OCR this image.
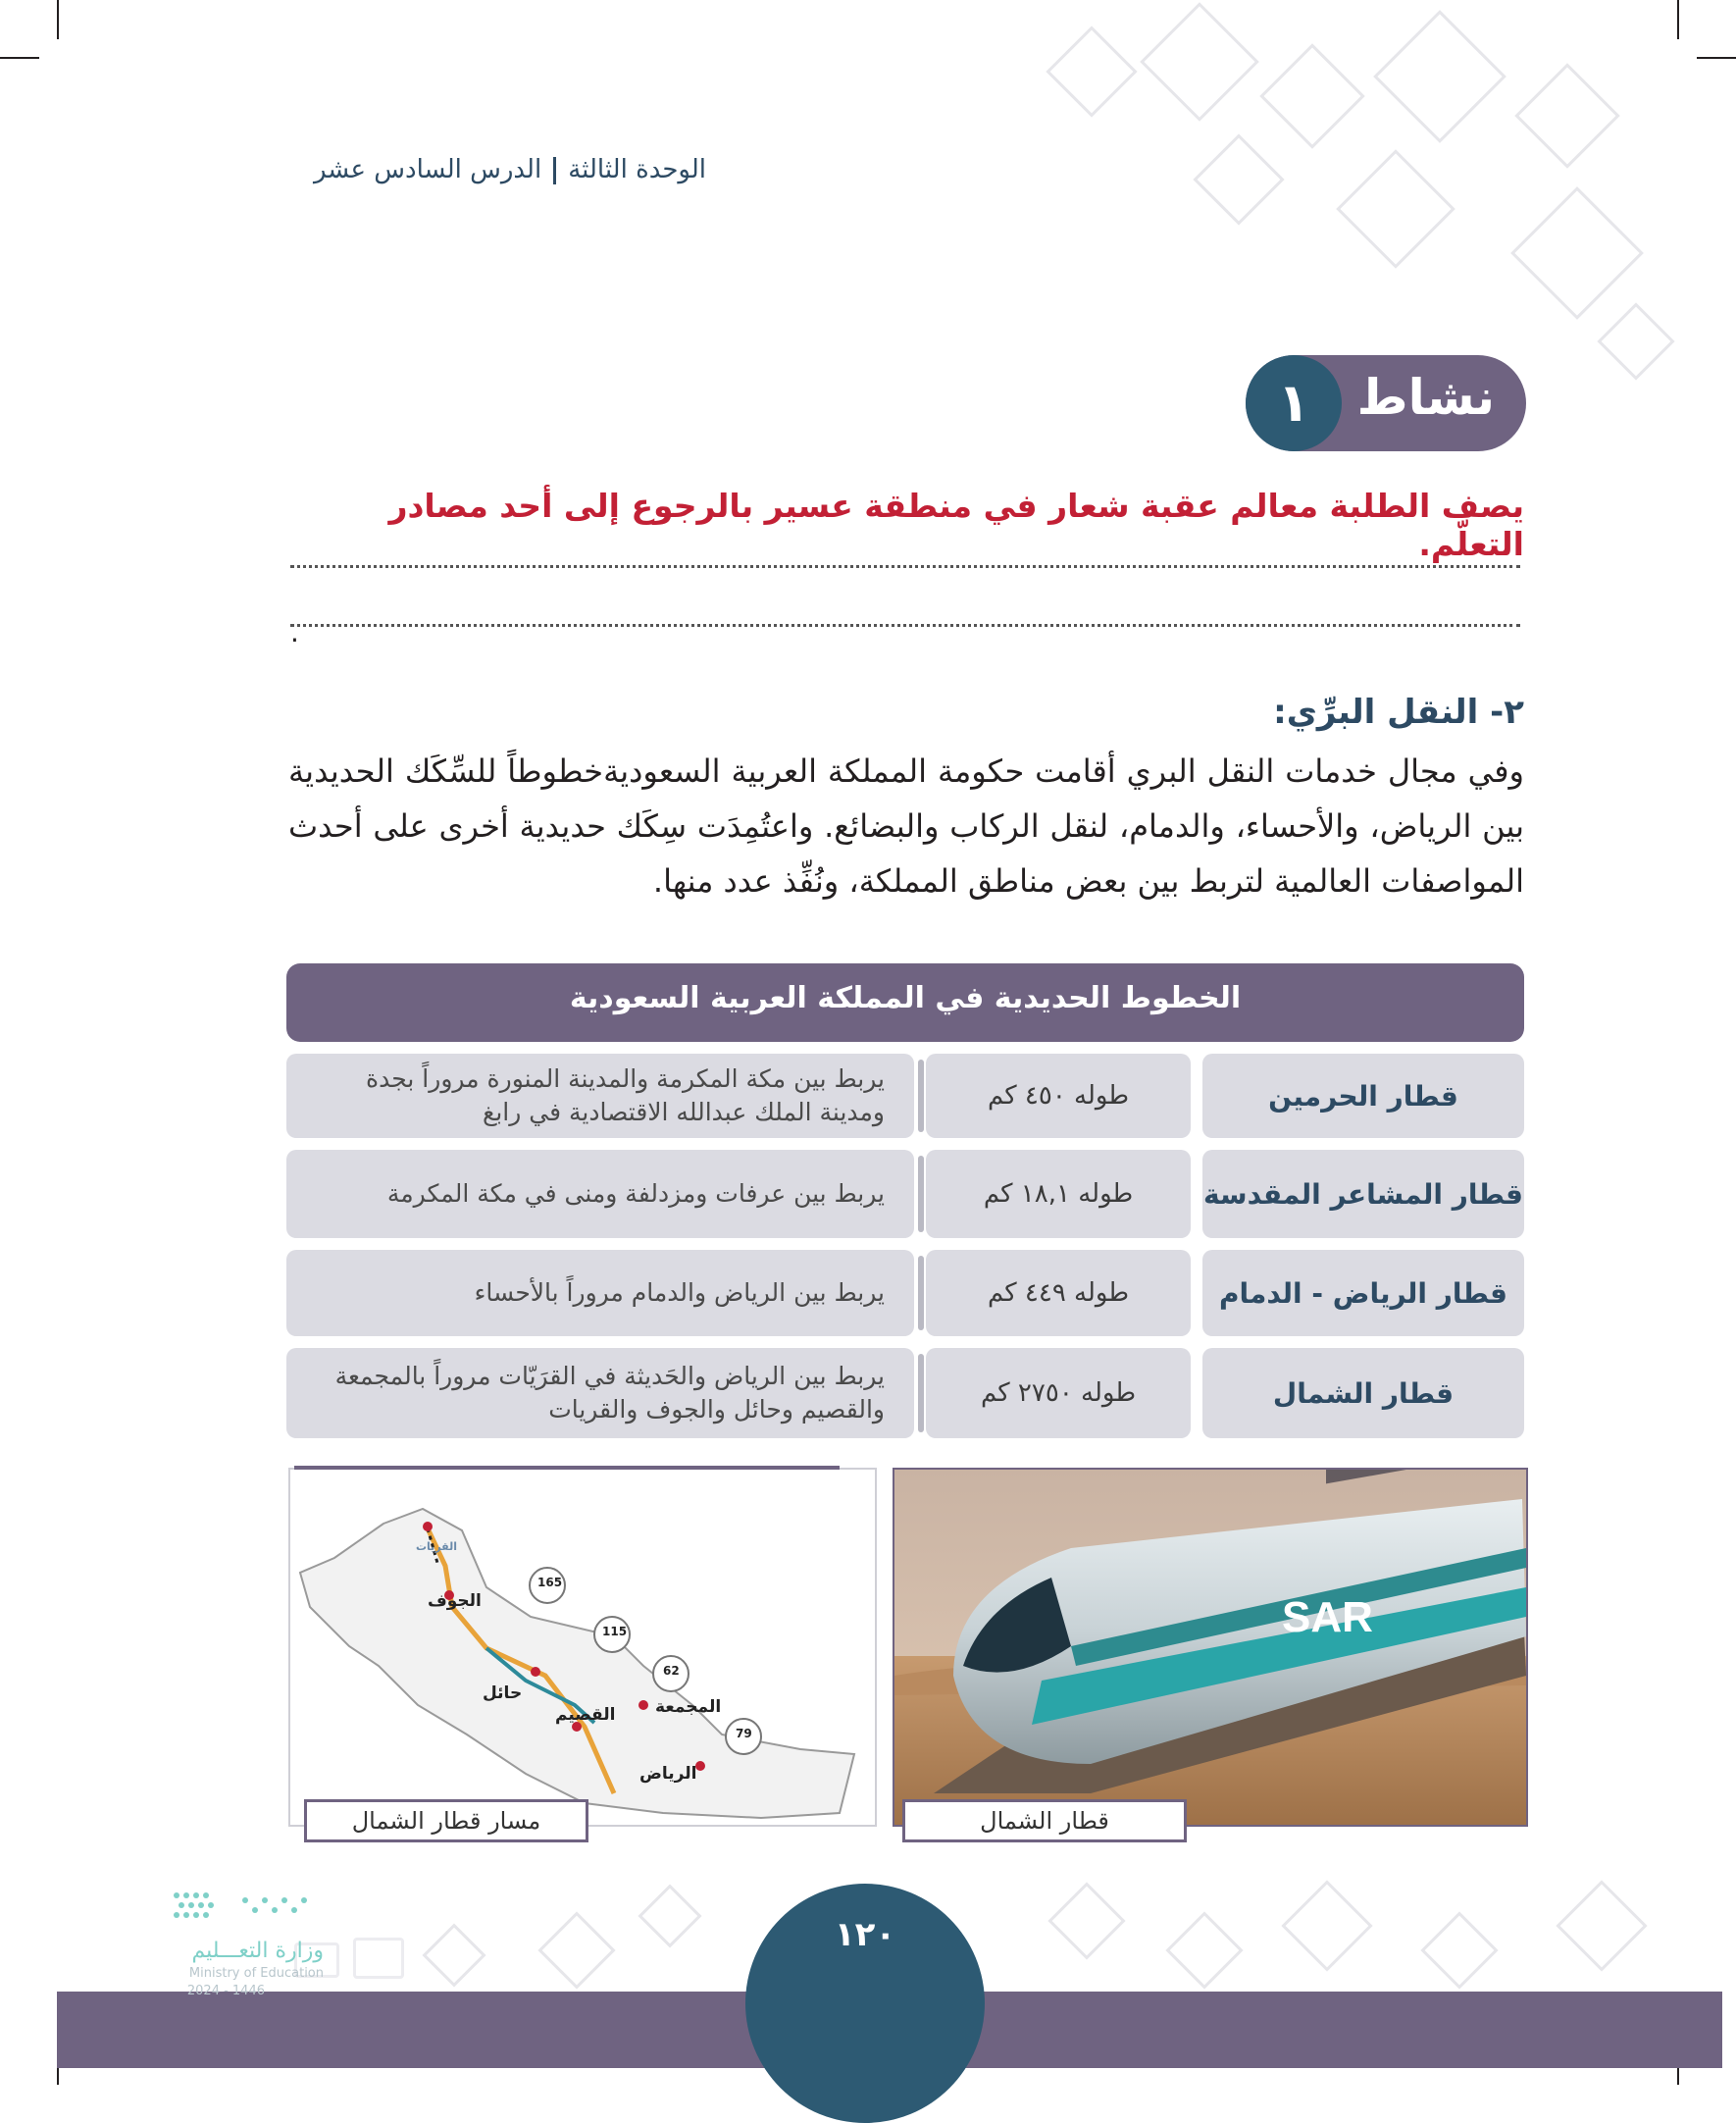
الوحدة الثالثةالدرس السادس عشر
نشاط
١
يصف الطلبة معالم عقبة شعار في منطقة عسير بالرجوع إلى أحد مصادر التعلّم.
.
٢- النقل البرِّي:
وفي مجال خدمات النقل البري أقامت حكومة المملكة العربية السعوديةخطوطاً للسِّكَك الحديدية بين الرياض، والأحساء، والدمام، لنقل الركاب والبضائع. واعتُمِدَت سِكَك حديدية أخرى على أحدث المواصفات العالمية لتربط بين بعض مناطق المملكة، ونُفِّذ عدد منها.
الخطوط الحديدية في المملكة العربية السعودية
قطار الحرمين
طوله ٤٥٠ كم
يربط بين مكة المكرمة والمدينة المنورة مروراً بجدة ومدينة الملك عبدالله الاقتصادية في رابغ
قطار المشاعر المقدسة
طوله ١٨,١ كم
يربط بين عرفات ومزدلفة ومنى في مكة المكرمة
قطار الرياض - الدمام
طوله ٤٤٩ كم
يربط بين الرياض والدمام مروراً بالأحساء
قطار الشمال
طوله ٢٧٥٠ كم
يربط بين الرياض والحَديثة في القرَيّات مروراً بالمجمعة والقصيم وحائل والجوف والقريات
القريات
الجوف
حائل
القصيم المجمعة
الرياض
165
115
62
79
مسار قطار الشمال
SAR
قطار الشمال
١٢٠
وزارة التعـــليم
Ministry of Education
2024 - 1446
